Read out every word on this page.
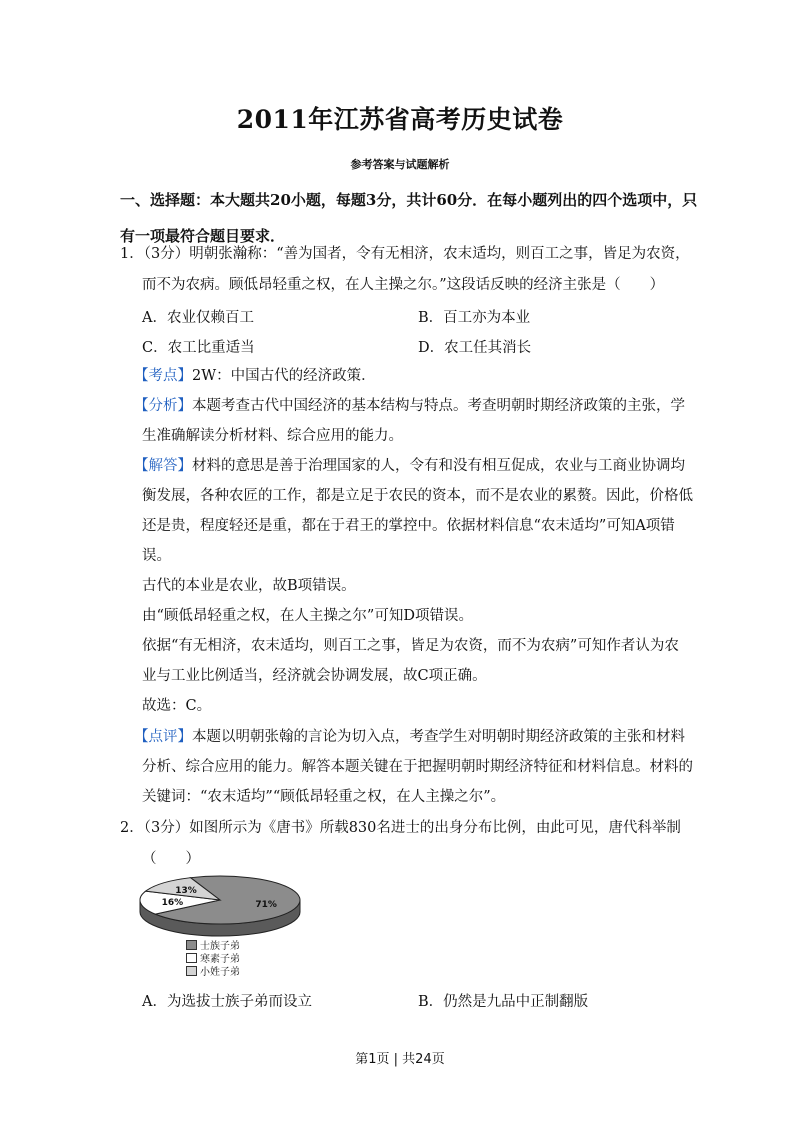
2011年江苏省高考历史试卷
参考答案与试题解析
一、选择题：本大题共20小题，每题3分，共计60分．在每小题列出的四个选项中，只
有一项最符合题目要求．
1．（3分）明朝张瀚称：“善为国者，令有无相济，农末适均，则百工之事，皆足为农资，
而不为农病。顾低昂轻重之权，在人主操之尔。”这段话反映的经济主张是（　　）
A．农业仅赖百工	B．百工亦为本业
C．农工比重适当	D．农工任其消长
【考点】2W：中国古代的经济政策．
【分析】本题考查古代中国经济的基本结构与特点。考查明朝时期经济政策的主张，学
生准确解读分析材料、综合应用的能力。
【解答】材料的意思是善于治理国家的人，令有和没有相互促成，农业与工商业协调均
衡发展，各种农匠的工作，都是立足于农民的资本，而不是农业的累赘。因此，价格低
还是贵，程度轻还是重，都在于君王的掌控中。依据材料信息“农末适均”可知A项错
误。
古代的本业是农业，故B项错误。
由“顾低昂轻重之权，在人主操之尔”可知D项错误。
依据“有无相济，农末适均，则百工之事，皆足为农资，而不为农病”可知作者认为农
业与工业比例适当，经济就会协调发展，故C项正确。
故选：C。
【点评】本题以明朝张翰的言论为切入点，考查学生对明朝时期经济政策的主张和材料
分析、综合应用的能力。解答本题关键在于把握明朝时期经济特征和材料信息。材料的
关键词：“农末适均”“顾低昂轻重之权，在人主操之尔”。
2．（3分）如图所示为《唐书》所载830名进士的出身分布比例，由此可见，唐代科举制
（　　）
71%
16%
13%
士族子弟
寒素子弟
小姓子弟
A．为选拔士族子弟而设立	B．仍然是九品中正制翻版
第1页 | 共24页
